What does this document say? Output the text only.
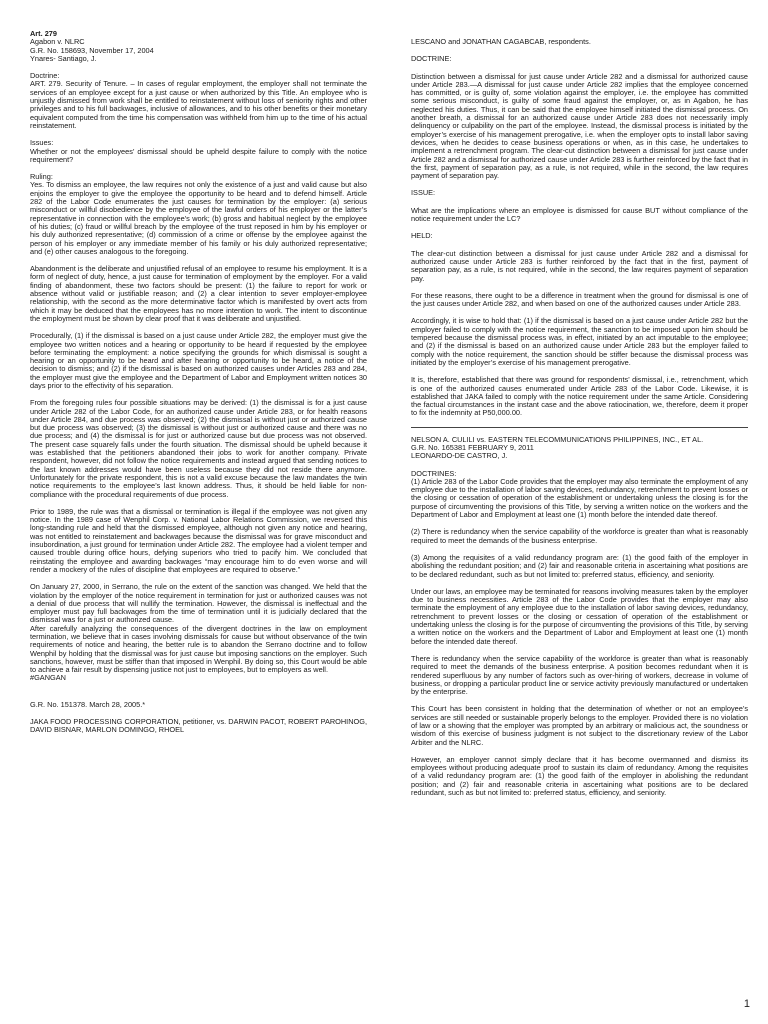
Art. 279

Agabon v. NLRC
G.R. No. 158693, November 17, 2004
Ynares- Santiago, J.

Doctrine:

ART. 279. Security of Tenure. – In cases of regular employment, the employer shall not terminate the services of an employee except for a just cause or when authorized by this Title. An employee who is unjustly dismissed from work shall be entitled to reinstatement without loss of seniority rights and other privileges and to his full backwages, inclusive of allowances, and to his other benefits or their monetary equivalent computed from the time his compensation was withheld from him up to the time of his actual reinstatement.

Issues:

Whether or not the employees’ dismissal should be upheld despite failure to comply with the notice requirement?

Ruling:

Yes. To dismiss an employee, the law requires not only the existence of a just and valid cause but also enjoins the employer to give the employee the opportunity to be heard and to defend himself. Article 282 of the Labor Code enumerates the just causes for termination by the employer: (a) serious misconduct or willful disobedience by the employee of the lawful orders of his employer or the latter’s representative in connection with the employee’s work; (b) gross and habitual neglect by the employee of his duties; (c) fraud or willful breach by the employee of the trust reposed in him by his employer or his duly authorized representative; (d) commission of a crime or offense by the employee against the person of his employer or any immediate member of his family or his duly authorized representative; and (e) other causes analogous to the foregoing.

Abandonment is the deliberate and unjustified refusal of an employee to resume his employment. It is a form of neglect of duty, hence, a just cause for termination of employment by the employer. For a valid finding of abandonment, these two factors should be present: (1) the failure to report for work or absence without valid or justifiable reason; and (2) a clear intention to sever employer-employee relationship, with the second as the more determinative factor which is manifested by overt acts from which it may be deduced that the employees has no more intention to work. The intent to discontinue the employment must be shown by clear proof that it was deliberate and unjustified.

Procedurally, (1) if the dismissal is based on a just cause under Article 282, the employer must give the employee two written notices and a hearing or opportunity to be heard if requested by the employee before terminating the employment: a notice specifying the grounds for which dismissal is sought a hearing or an opportunity to be heard and after hearing or opportunity to be heard, a notice of the decision to dismiss; and (2) if the dismissal is based on authorized causes under Articles 283 and 284, the employer must give the employee and the Department of Labor and Employment written notices 30 days prior to the effectivity of his separation.

From the foregoing rules four possible situations may be derived: (1) the dismissal is for a just cause under Article 282 of the Labor Code, for an authorized cause under Article 283, or for health reasons under Article 284, and due process was observed; (2) the dismissal is without just or authorized cause but due process was observed; (3) the dismissal is without just or authorized cause and there was no due process; and (4) the dismissal is for just or authorized cause but due process was not observed. The present case squarely falls under the fourth situation. The dismissal should be upheld because it was established that the petitioners abandoned their jobs to work for another company. Private respondent, however, did not follow the notice requirements and instead argued that sending notices to the last known addresses would have been useless because they did not reside there anymore. Unfortunately for the private respondent, this is not a valid excuse because the law mandates the twin notice requirements to the employee’s last known address. Thus, it should be held liable for non-compliance with the procedural requirements of due process.

Prior to 1989, the rule was that a dismissal or termination is illegal if the employee was not given any notice. In the 1989 case of Wenphil Corp. v. National Labor Relations Commission, we reversed this long-standing rule and held that the dismissed employee, although not given any notice and hearing, was not entitled to reinstatement and backwages because the dismissal was for grave misconduct and insubordination, a just ground for termination under Article 282. The employee had a violent temper and caused trouble during office hours, defying superiors who tried to pacify him. We concluded that reinstating the employee and awarding backwages “may encourage him to do even worse and will render a mockery of the rules of discipline that employees are required to observe.”

On January 27, 2000, in Serrano, the rule on the extent of the sanction was changed. We held that the violation by the employer of the notice requirement in termination for just or authorized causes was not a denial of due process that will nullify the termination. However, the dismissal is ineffectual and the employer must pay full backwages from the time of termination until it is judicially declared that the dismissal was for a just or authorized cause.
After carefully analyzing the consequences of the divergent doctrines in the law on employment termination, we believe that in cases involving dismissals for cause but without observance of the twin requirements of notice and hearing, the better rule is to abandon the Serrano doctrine and to follow Wenphil by holding that the dismissal was for just cause but imposing sanctions on the employer. Such sanctions, however, must be stiffer than that imposed in Wenphil. By doing so, this Court would be able to achieve a fair result by dispensing justice not just to employees, but to employers as well.
#GANGAN

G.R. No. 151378. March 28, 2005.*

JAKA FOOD PROCESSING CORPORATION, petitioner, vs. DARWIN PACOT, ROBERT PAROHINOG, DAVID BISNAR, MARLON DOMINGO, RHOEL

LESCANO and JONATHAN CAGABCAB, respondents.

DOCTRINE:

Distinction between a dismissal for just cause under Article 282 and a dismissal for authorized cause under Article 283.—A dismissal for just cause under Article 282 implies that the employee concerned has committed, or is guilty of, some violation against the employer, i.e. the employee has committed some serious misconduct, is guilty of some fraud against the employer, or, as in Agabon, he has neglected his duties. Thus, it can be said that the employee himself initiated the dismissal process. On another breath, a dismissal for an authorized cause under Article 283 does not necessarily imply delinquency or culpability on the part of the employee. Instead, the dismissal process is initiated by the employer’s exercise of his management prerogative, i.e. when the employer opts to install labor saving devices, when he decides to cease business operations or when, as in this case, he undertakes to implement a retrenchment program. The clear-cut distinction between a dismissal for just cause under Article 282 and a dismissal for authorized cause under Article 283 is further reinforced by the fact that in the first, payment of separation pay, as a rule, is not required, while in the second, the law requires payment of separation pay.

ISSUE:

What are the implications where an employee is dismissed for cause BUT without compliance of the notice requirement under the LC?

HELD:

The clear-cut distinction between a dismissal for just cause under Article 282 and a dismissal for authorized cause under Article 283 is further reinforced by the fact that in the first, payment of separation pay, as a rule, is not required, while in the second, the law requires payment of separation pay.

For these reasons, there ought to be a difference in treatment when the ground for dismissal is one of the just causes under Article 282, and when based on one of the authorized causes under Article 283.

Accordingly, it is wise to hold that: (1) if the dismissal is based on a just cause under Article 282 but the employer failed to comply with the notice requirement, the sanction to be imposed upon him should be tempered because the dismissal process was, in effect, initiated by an act imputable to the employee; and (2) if the dismissal is based on an authorized cause under Article 283 but the employer failed to comply with the notice requirement, the sanction should be stiffer because the dismissal process was initiated by the employer’s exercise of his management prerogative.

It is, therefore, established that there was ground for respondents’ dismissal, i.e., retrenchment, which is one of the authorized causes enumerated under Article 283 of the Labor Code. Likewise, it is established that JAKA failed to comply with the notice requirement under the same Article. Considering the factual circumstances in the instant case and the above ratiocination, we, therefore, deem it proper to fix the indemnity at P50,000.00.

NELSON A. CULILI vs. EASTERN TELECOMMUNICATIONS PHILIPPINES, INC., ET AL.
G.R. No. 165381 FEBRUARY 9, 2011
LEONARDO-DE CASTRO, J.

DOCTRINES:

(1) Article 283 of the Labor Code provides that the employer may also terminate the employment of any employee due to the installation of labor saving devices, redundancy, retrenchment to prevent losses or the closing or cessation of operation of the establishment or undertaking unless the closing is for the purpose of circumventing the provisions of this Title, by serving a written notice on the workers and the Department of Labor and Employment at least one (1) month before the intended date thereof.

(2) There is redundancy when the service capability of the workforce is greater than what is reasonably required to meet the demands of the business enterprise.

(3) Among the requisites of a valid redundancy program are: (1) the good faith of the employer in abolishing the redundant position; and (2) fair and reasonable criteria in ascertaining what positions are to be declared redundant, such as but not limited to: preferred status, efficiency, and seniority.

Under our laws, an employee may be terminated for reasons involving measures taken by the employer due to business necessities. Article 283 of the Labor Code provides that the employer may also terminate the employment of any employee due to the installation of labor saving devices, redundancy, retrenchment to prevent losses or the closing or cessation of operation of the establishment or undertaking unless the closing is for the purpose of circumventing the provisions of this Title, by serving a written notice on the workers and the Department of Labor and Employment at least one (1) month before the intended date thereof.

There is redundancy when the service capability of the workforce is greater than what is reasonably required to meet the demands of the business enterprise. A position becomes redundant when it is rendered superfluous by any number of factors such as over-hiring of workers, decrease in volume of business, or dropping a particular product line or service activity previously manufactured or undertaken by the enterprise.

This Court has been consistent in holding that the determination of whether or not an employee’s services are still needed or sustainable properly belongs to the employer. Provided there is no violation of law or a showing that the employer was prompted by an arbitrary or malicious act, the soundness or wisdom of this exercise of business judgment is not subject to the discretionary review of the Labor Arbiter and the NLRC.

However, an employer cannot simply declare that it has become overmanned and dismiss its employees without producing adequate proof to sustain its claim of redundancy. Among the requisites of a valid redundancy program are: (1) the good faith of the employer in abolishing the redundant position; and (2) fair and reasonable criteria in ascertaining what positions are to be declared redundant, such as but not limited to: preferred status, efficiency, and seniority.

1
